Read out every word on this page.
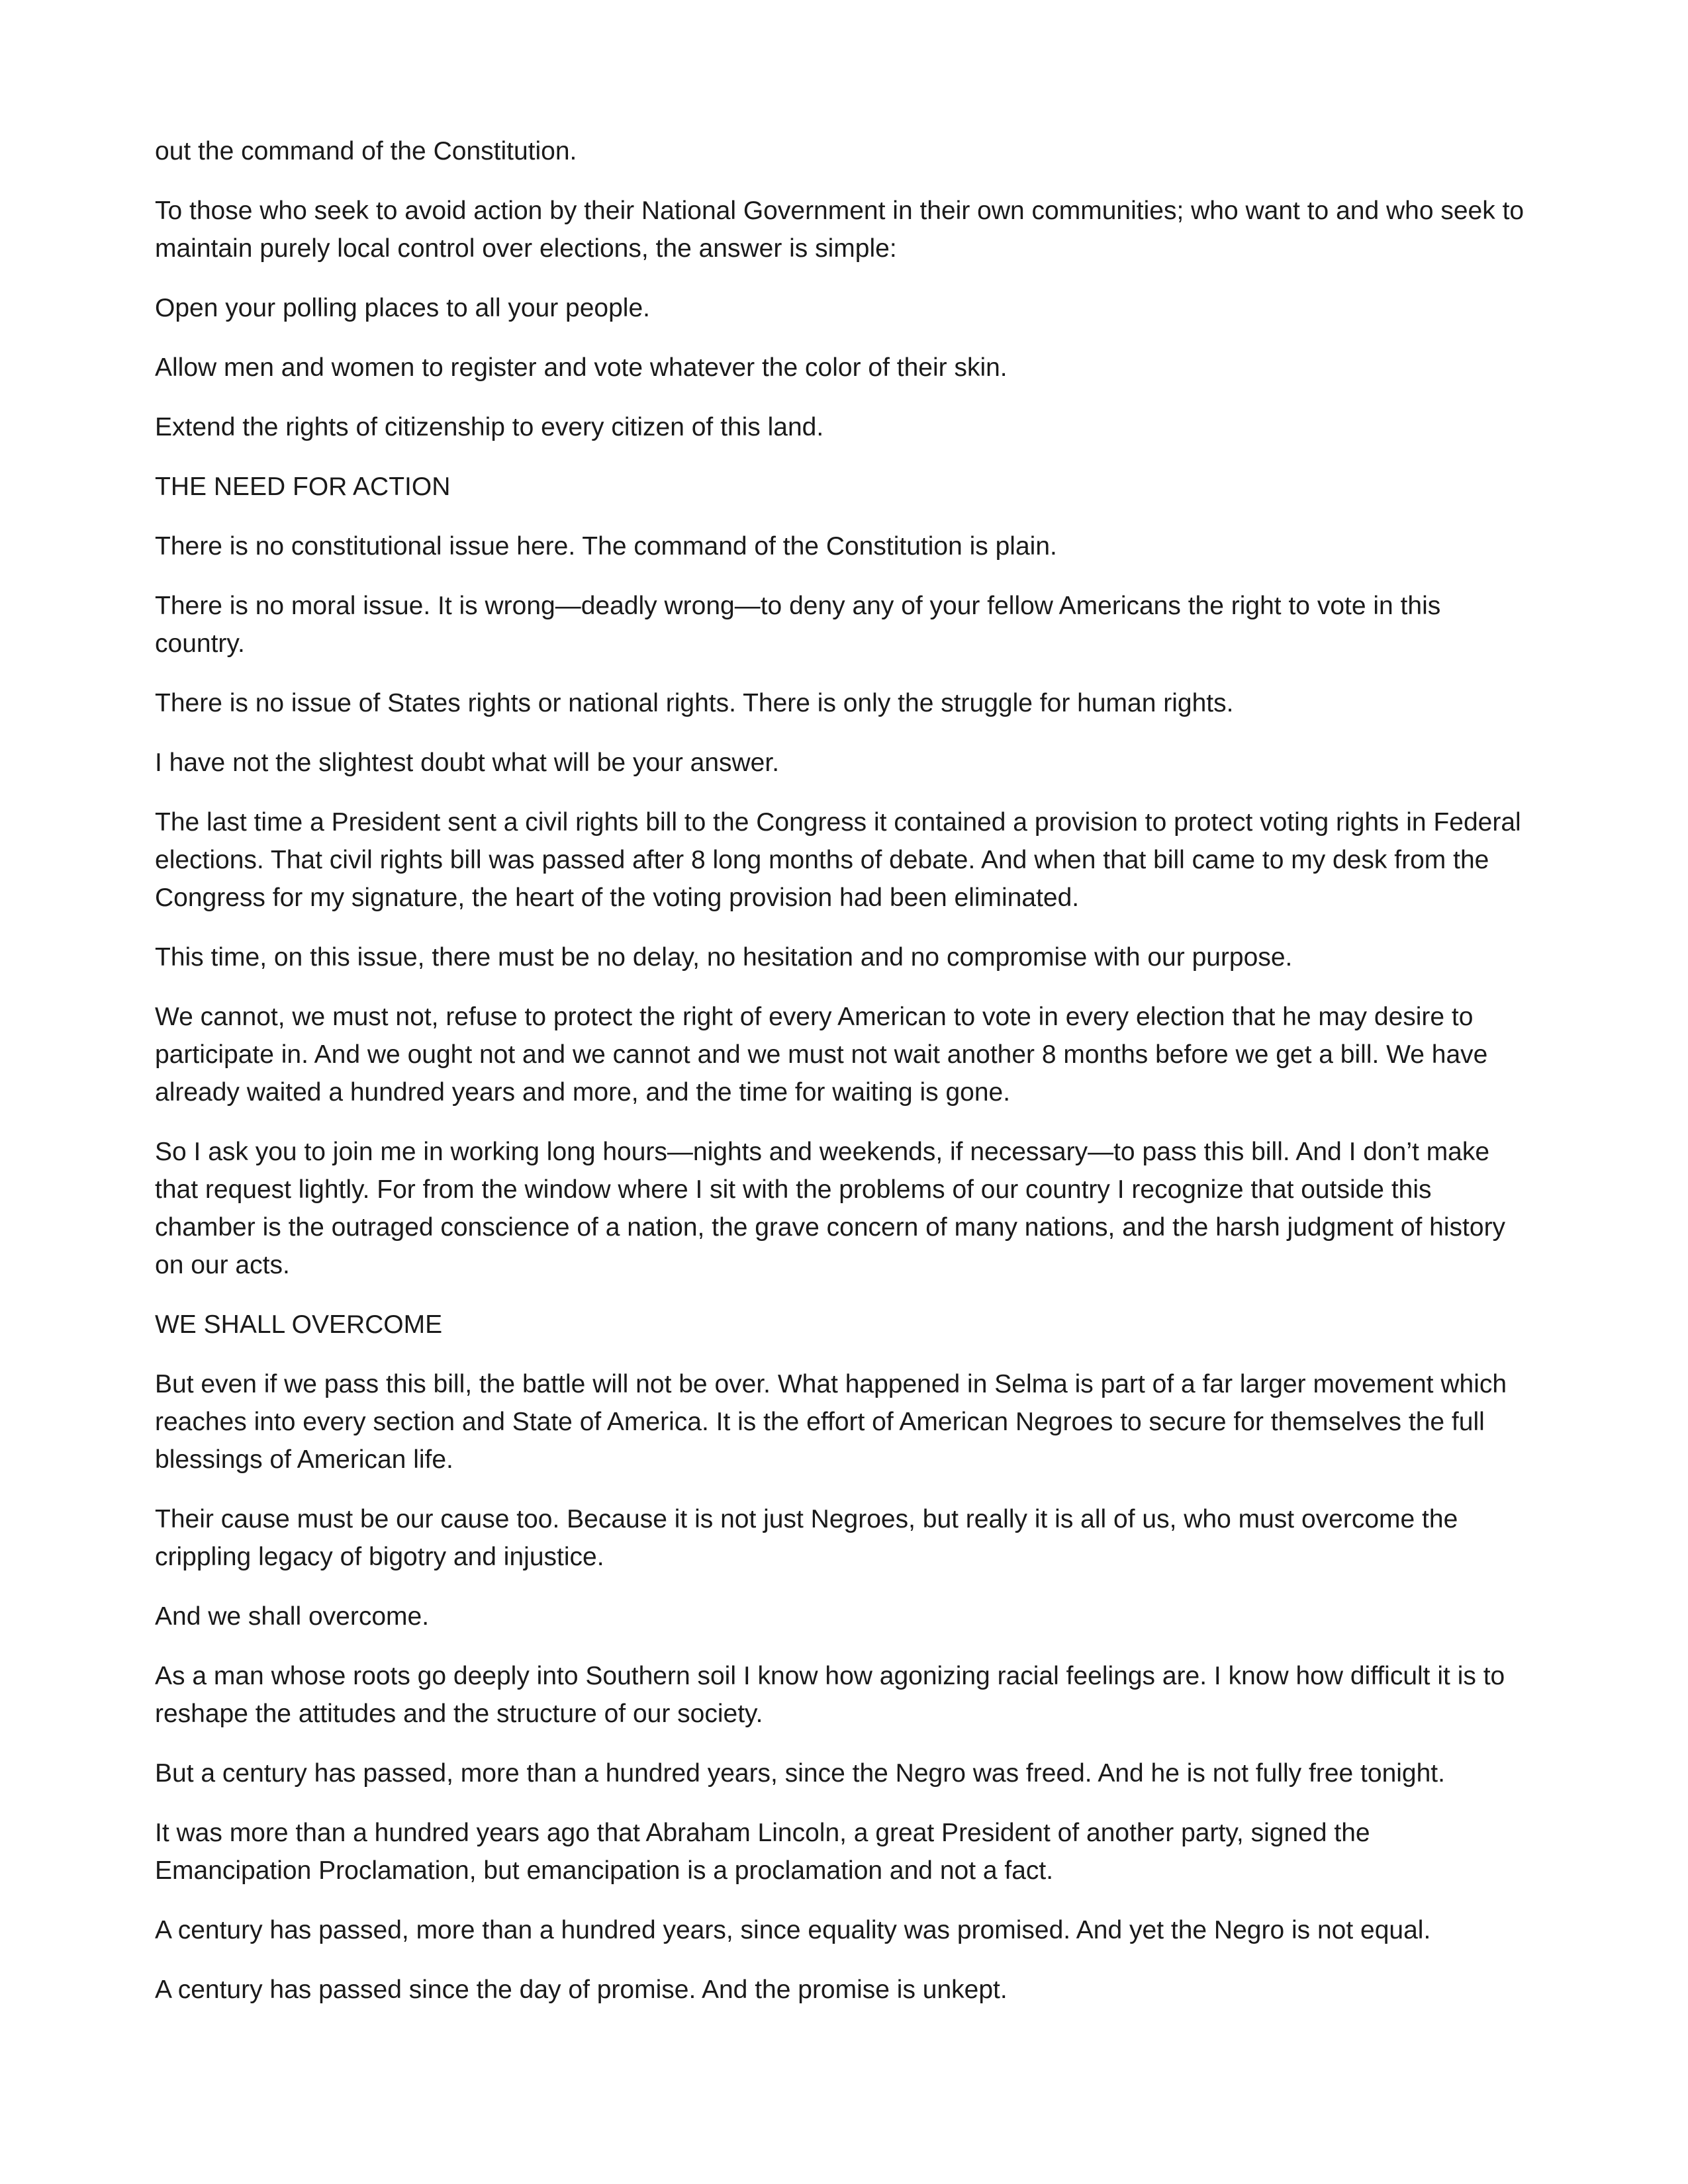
out the command of the Constitution.

To those who seek to avoid action by their National Government in their own communities; who want to and who seek to maintain purely local control over elections, the answer is simple:

Open your polling places to all your people.

Allow men and women to register and vote whatever the color of their skin.

Extend the rights of citizenship to every citizen of this land.

THE NEED FOR ACTION

There is no constitutional issue here. The command of the Constitution is plain.

There is no moral issue. It is wrong—deadly wrong—to deny any of your fellow Americans the right to vote in this country.

There is no issue of States rights or national rights. There is only the struggle for human rights.

I have not the slightest doubt what will be your answer.

The last time a President sent a civil rights bill to the Congress it contained a provision to protect voting rights in Federal elections. That civil rights bill was passed after 8 long months of debate. And when that bill came to my desk from the Congress for my signature, the heart of the voting provision had been eliminated.

This time, on this issue, there must be no delay, no hesitation and no compromise with our purpose.

We cannot, we must not, refuse to protect the right of every American to vote in every election that he may desire to participate in. And we ought not and we cannot and we must not wait another 8 months before we get a bill. We have already waited a hundred years and more, and the time for waiting is gone.

So I ask you to join me in working long hours—nights and weekends, if necessary—to pass this bill. And I don’t make that request lightly. For from the window where I sit with the problems of our country I recognize that outside this chamber is the outraged conscience of a nation, the grave concern of many nations, and the harsh judgment of history on our acts.

WE SHALL OVERCOME

But even if we pass this bill, the battle will not be over. What happened in Selma is part of a far larger movement which reaches into every section and State of America. It is the effort of American Negroes to secure for themselves the full blessings of American life.

Their cause must be our cause too. Because it is not just Negroes, but really it is all of us, who must overcome the crippling legacy of bigotry and injustice.

And we shall overcome.

As a man whose roots go deeply into Southern soil I know how agonizing racial feelings are. I know how difficult it is to reshape the attitudes and the structure of our society.

But a century has passed, more than a hundred years, since the Negro was freed. And he is not fully free tonight.

It was more than a hundred years ago that Abraham Lincoln, a great President of another party, signed the Emancipation Proclamation, but emancipation is a proclamation and not a fact.

A century has passed, more than a hundred years, since equality was promised. And yet the Negro is not equal.

A century has passed since the day of promise. And the promise is unkept.
